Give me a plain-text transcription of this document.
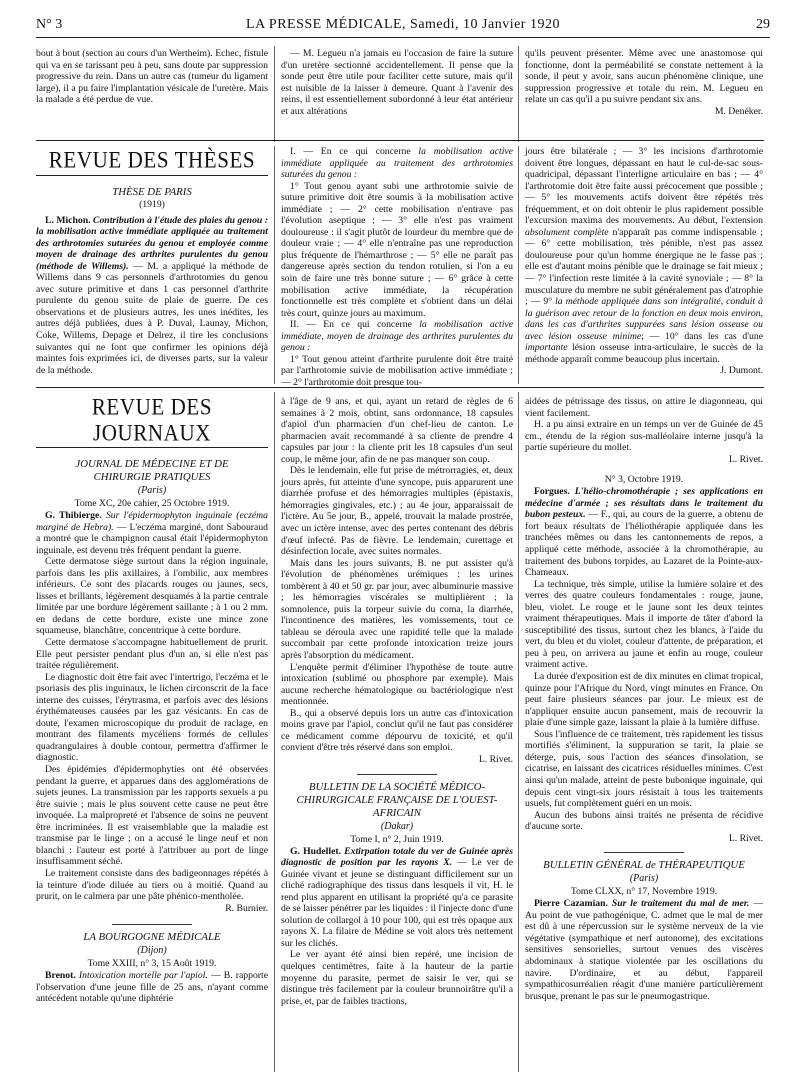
N° 3	LA PRESSE MÉDICALE, Samedi, 10 Janvier 1920	29

bout à bout (section au cours d'un Wertheim). Echec, fistule qui va en se tarissant peu à peu, sans doute par suppression progressive du rein. Dans un autre cas (tumeur du ligament large), il a pu faire l'implantation vésicale de l'uretère. Mais la malade a été perdue de vue.

— M. Legueu n'a jamais eu l'occasion de faire la suture d'un uretère sectionné accidentellement. Il pense que la sonde peut être utile pour faciliter cette suture, mais qu'il est nuisible de la laisser à demeure. Quant à l'avenir des reins, il est essentiellement subordonné à leur état antérieur et aux altérations

qu'ils peuvent présenter. Même avec une anastomose qui fonctionne, dont la perméabilité se constate nettement à la sonde, il peut y avoir, sans aucun phénomène clinique, une suppression progressive et totale du rein. M. Legueu en relate un cas qu'il a pu suivre pendant six ans.

M. Denéker.

REVUE DES THÈSES

THÈSE DE PARIS

(1919)

L. Michon. Contribution à l'étude des plaies du genou : la mobilisation active immédiate appliquée au traitement des arthrotomies suturées du genou et employée comme moyen de drainage des arthrites purulentes du genou (méthode de Willems). — M. a appliqué la méthode de Willems dans 9 cas personnels d'arthrotomies du genou avec suture primitive et dans 1 cas personnel d'arthrite purulente du genou suite de plaie de guerre. De ces observations et de plusieurs autres, les unes inédites, les autres déjà publiées, dues à P. Duval, Launay, Michon, Coke, Willems, Depage et Delrez, il tire les conclusions suivantes qui ne font que confirmer les opinions déjà maintes fois exprimées ici, de diverses parts, sur la valeur de la méthode.

I. — En ce qui concerne la mobilisation active immédiate appliquée au traitement des arthrotomies suturées du genou :

1° Tout genou ayant subi une arthrotomie suivie de suture primitive doit être soumis à la mobilisation active immédiate ; — 2° cette mobilisation n'entrave pas l'évolution aseptique ; — 3° elle n'est pas vraiment douloureuse : il s'agit plutôt de lourdeur du membre que de douleur vraie ; — 4° elle n'entraîne pas une reproduction plus fréquente de l'hémarthrose ; — 5° elle ne paraît pas dangereuse après section du tendon rotulien, si l'on a eu soin de faire une très bonne suture ; — 6° grâce à cette mobilisation active immédiate, la récupération fonctionnelle est très complète et s'obtient dans un délai très court, quinze jours au maximum.

II. — En ce qui concerne la mobilisation active immédiate, moyen de drainage des arthrites purulentes du genou :

1° Tout genou atteint d'arthrite purulente doit être traité par l'arthrotomie suivie de mobilisation active immédiate ; — 2° l'arthrotomie doit presque tou-

jours être bilatérale ; — 3° les incisions d'arthrotomie doivent être longues, dépassant en haut le cul-de-sac sous-quadricipal, dépassant l'interligne articulaire en bas ; — 4° l'arthrotomie doit être faite aussi précocement que possible ; — 5° les mouvements actifs doivent être répétés très fréquemment, et on doit obtenir le plus rapidement possible l'excursion maxima des mouvements. Au début, l'extension absolument complète n'apparaît pas comme indispensable ; — 6° cette mobilisation, très pénible, n'est pas assez douloureuse pour qu'un homme énergique ne le fasse pas ; elle est d'autant moins pénible que le drainage se fait mieux ; — 7° l'infection reste limitée à la cavité synoviale ; — 8° la musculature du membre ne subit généralement pas d'atrophie ; — 9° la méthode appliquée dans son intégralité, conduit à la guérison avec retour de la fonction en deux mois environ, dans les cas d'arthrites suppurées sans lésion osseuse ou avec lésion osseuse minime; — 10° dans les cas d'une importante lésion osseuse intra-articulaire, le succès de la méthode apparaît comme beaucoup plus incertain.

J. Dumont.

REVUE DES JOURNAUX

JOURNAL DE MÉDECINE ET DE CHIRURGIE PRATIQUES

(Paris)

Tome XC, 20e cahier, 25 Octobre 1919.

G. Thibierge. Sur l'épidermophyton inguinale (eczéma marginé de Hebra). — L'eczéma marginé, dont Sabouraud a montré que le champignon causal était l'épidermophyton inguinale, est devenu très fréquent pendant la guerre.

Cette dermatose siège surtout dans la région inguinale, parfois dans les plis axillaires, à l'ombilic, aux membres inférieurs. Ce sont des placards rouges ou jaunes, secs, lisses et brillants, légèrement desquamés à la partie centrale limitée par une bordure légèrement saillante ; à 1 ou 2 mm. en dedans de cette bordure, existe une mince zone squameuse, blanchâtre, concentrique à cette bordure.

Cette dermatose s'accompagne habituellement de prurit. Elle peut persister pendant plus d'un an, si elle n'est pas traitée régulièrement.

Le diagnostic doit être fait avec l'intertrigo, l'eczéma et le psoriasis des plis inguinaux, le lichen circonscrit de la face interne des cuisses, l'érytrasma, et parfois avec des lésions érythémateuses causées par les gaz vésicants. En cas de doute, l'examen microscopique du produit de raclage, en montrant des filaments mycéliens formés de cellules quadrangulaires à double contour, permettra d'affirmer le diagnostic.

Des épidémies d'épidermophyties ont été observées pendant la guerre, et apparues dans des agglomérations de sujets jeunes. La transmission par les rapports sexuels a pu être suivie ; mais le plus souvent cette cause ne peut être invoquée. La malpropreté et l'absence de soins ne peuvent être incriminées. Il est vraisemblable que la maladie est transmise par le linge ; on a accusé le linge neuf et non blanchi : l'auteur est porté à l'attribuer au port de linge insuffisamment séché.

Le traitement consiste dans des badigeonnages répétés à la teinture d'iode diluée au tiers ou à moitié. Quand au prurit, on le calmera par une pâte phénico-mentholée.

R. Burnier.

LA BOURGOGNE MÉDICALE

(Dijon)

Tome XXIII, n° 3, 15 Août 1919.

Brenot. Intoxication mortelle par l'apiol. — B. rapporte l'observation d'une jeune fille de 25 ans, n'ayant comme antécédent notable qu'une diphtérie

à l'âge de 9 ans, et qui, ayant un retard de règles de 6 semaines à 2 mois, obtint, sans ordonnance, 18 capsules d'apiol d'un pharmacien d'un chef-lieu de canton. Le pharmacien avait recommandé à sa cliente de prendre 4 capsules par jour : la cliente prit les 18 capsules d'un seul coup, le même jour, afin de ne pas manquer son coup.

Dès le lendemain, elle fut prise de métrorragies, et, deux jours après, fut atteinte d'une syncope, puis apparurent une diarrhée profuse et des hémorragies multiples (épistaxis, hémorragies gingivales, etc.) ; au 4e jour, apparaissait de l'ictère. Au 5e jour, B., appelé, trouvait la malade prostrée, avec un ictère intense, avec des pertes contenant des débris d'œuf infecté. Pas de fièvre. Le lendemain, curettage et désinfection locale, avec suites normales.

Mais dans les jours suivants, B. ne put assister qu'à l'évolution de phénomènes urémiques : les urines tombèrent à 40 et 50 gr. par jour, avec albuminurie massive ; les hémorragies viscérales se multiplièrent ; la somnolence, puis la torpeur suivie du coma, la diarrhée, l'incontinence des matières, les vomissements, tout ce tableau se déroula avec une rapidité telle que la malade succombait par cette profonde intoxication treize jours après l'absorption du médicament.

L'enquête permit d'éliminer l'hypothèse de toute autre intoxication (sublimé ou phosphore par exemple). Mais aucune recherche hématologique ou bactériologique n'est mentionnée.

B., qui a observé depuis lors un autre cas d'intoxication moins grave par l'apiol, conclut qu'il ne faut pas considérer ce médicament comme dépourvu de toxicité, et qu'il convient d'être très réservé dans son emploi.

L. Rivet.

BULLETIN DE LA SOCIÉTÉ MÉDICO-CHIRURGICALE FRANÇAISE DE L'OUEST-AFRICAIN

(Dakar)

Tome I, n° 2, Juin 1919.

G. Hudellet. Extirpation totale du ver de Guinée après diagnostic de position par les rayons X. — Le ver de Guinée vivant et jeune se distinguant difficilement sur un cliché radiographique des tissus dans lesquels il vit, H. le rend plus apparent en utilisant la propriété qu'a ce parasite de se laisser pénétrer par les liquides : il l'injecte donc d'une solution de collargol à 10 pour 100, qui est très opaque aux rayons X. La filaire de Médine se voit alors très nettement sur les clichés.

Le ver ayant été ainsi bien repéré, une incision de quelques centimètres, faite à la hauteur de la partie moyenne du parasite, permet de saisir le ver, qui se distingue très facilement par la couleur brunnoirâtre qu'il a prise, et, par de faibles tractions,

aidées de pétrissage des tissus, on attire le diagonneau, qui vient facilement.

H. a pu ainsi extraire en un temps un ver de Guinée de 45 cm., étendu de la région sus-malléolaire interne jusqu'à la partie supérieure du mollet.

L. Rivet.

N° 3, Octobre 1919.

Forgues. L'hélio-chromothérapie ; ses applications en médecine d'armée ; ses résultats dans le traitement du bubon pesteux. — F., qui, au cours de la guerre, a obtenu de fort beaux résultats de l'héliothérapie appliquée dans les tranchées mêmes ou dans les cantonnements de repos, a appliqué cette méthode, associée à la chromothérapie, au traitement des bubons torpides, au Lazaret de la Pointe-aux-Chameaux.

La technique, très simple, utilise la lumière solaire et des verres des quatre couleurs fondamentales : rouge, jaune, bleu, violet. Le rouge et le jaune sont les deux teintes vraiment thérapeutiques. Mais il importe de tâter d'abord la susceptibilité des tissus, surtout chez les blancs, à l'aide du vert, du bleu et du violet, couleur d'attente, de préparation, et peu à peu, on arrivera au jaune et enfin au rouge, couleur vraiment active.

La durée d'exposition est de dix minutes en climat tropical, quinze pour l'Afrique du Nord, vingt minutes en France. On peut faire plusieurs séances par jour. Le mieux est de n'appliquer ensuite aucun pansement, mais de recouvrir la plaie d'une simple gaze, laissant la plaie à la lumière diffuse.

Sous l'influence de ce traitement, très rapidement les tissus mortifiés s'éliminent, la suppuration se tarit, la plaie se déterge, puis, sous l'action des séances d'insolation, se cicatrise, en laissant des cicatrices résiduelles minimes. C'est ainsi qu'un malade, atteint de peste bubonique inguinale, qui depuis cent vingt-six jours résistait à tous les traitements usuels, fut complètement guéri en un mois.

Aucun des bubons ainsi traités ne présenta de récidive d'aucune sorte.

L. Rivet.

BULLETIN GÉNÉRAL de THÉRAPEUTIQUE

(Paris)

Tome CLXX, n° 17, Novembre 1919.

Pierre Cazamian. Sur le traitement du mal de mer. — Au point de vue pathogénique, C. admet que le mal de mer est dû à une répercussion sur le système nerveux de la vie végétative (sympathique et nerf autonome), des excitations sensitives sensorielles, surtout venues des viscères abdominaux à statique violentée par les oscillations du navire. D'ordinaire, et au début, l'appareil sympathicosurréalien réagit d'une manière particulièrement brusque, prenant le pas sur le pneumogastrique.
